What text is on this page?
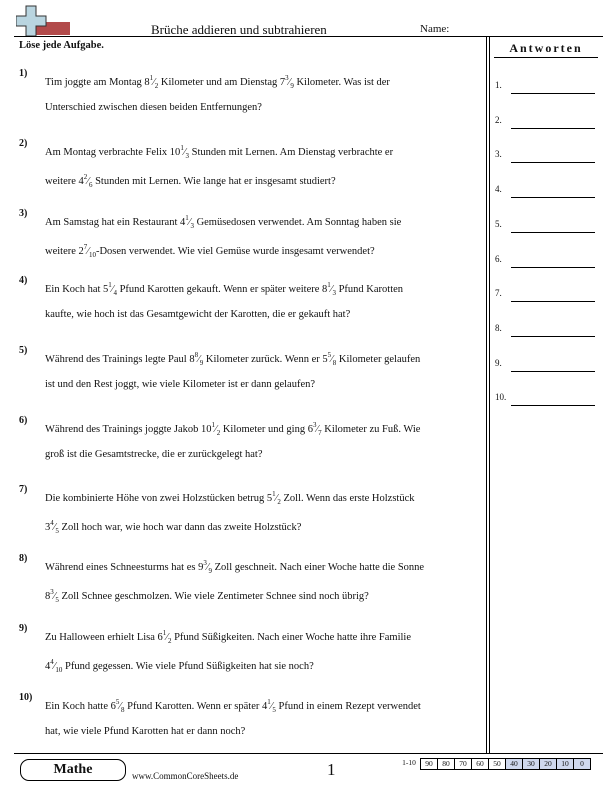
Brüche addieren und subtrahieren	Name:
Löse jede Aufgabe.	Antworten
1.
2.
3.
4.
5.
6.
7.
8.
9.
10.
1)
Tim joggte am Montag 81⁄2 Kilometer und am Dienstag 73⁄9 Kilometer. Was ist der
Unterschied zwischen diesen beiden Entfernungen?
2)
Am Montag verbrachte Felix 101⁄3 Stunden mit Lernen. Am Dienstag verbrachte er
weitere 42⁄6 Stunden mit Lernen. Wie lange hat er insgesamt studiert?
3)
Am Samstag hat ein Restaurant 41⁄3 Gemüsedosen verwendet. Am Sonntag haben sie
weitere 27⁄10-Dosen verwendet. Wie viel Gemüse wurde insgesamt verwendet?
4)
Ein Koch hat 51⁄4 Pfund Karotten gekauft. Wenn er später weitere 81⁄3 Pfund Karotten
kaufte, wie hoch ist das Gesamtgewicht der Karotten, die er gekauft hat?
5)
Während des Trainings legte Paul 88⁄9 Kilometer zurück. Wenn er 55⁄8 Kilometer gelaufen
ist und den Rest joggt, wie viele Kilometer ist er dann gelaufen?
6)
Während des Trainings joggte Jakob 101⁄2 Kilometer und ging 63⁄7 Kilometer zu Fuß. Wie
groß ist die Gesamtstrecke, die er zurückgelegt hat?
7)
Die kombinierte Höhe von zwei Holzstücken betrug 51⁄2 Zoll. Wenn das erste Holzstück
34⁄5 Zoll hoch war, wie hoch war dann das zweite Holzstück?
8)
Während eines Schneesturms hat es 93⁄9 Zoll geschneit. Nach einer Woche hatte die Sonne
83⁄5 Zoll Schnee geschmolzen. Wie viele Zentimeter Schnee sind noch übrig?
9)
Zu Halloween erhielt Lisa 61⁄2 Pfund Süßigkeiten. Nach einer Woche hatte ihre Familie
44⁄10 Pfund gegessen. Wie viele Pfund Süßigkeiten hat sie noch?
10)
Ein Koch hatte 65⁄8 Pfund Karotten. Wenn er später 41⁄5 Pfund in einem Rezept verwendet
hat, wie viele Pfund Karotten hat er dann noch?
Mathe	www.CommonCoreSheets.de	1	1-10	90	80	70	60	50	40	30	20	10	0
